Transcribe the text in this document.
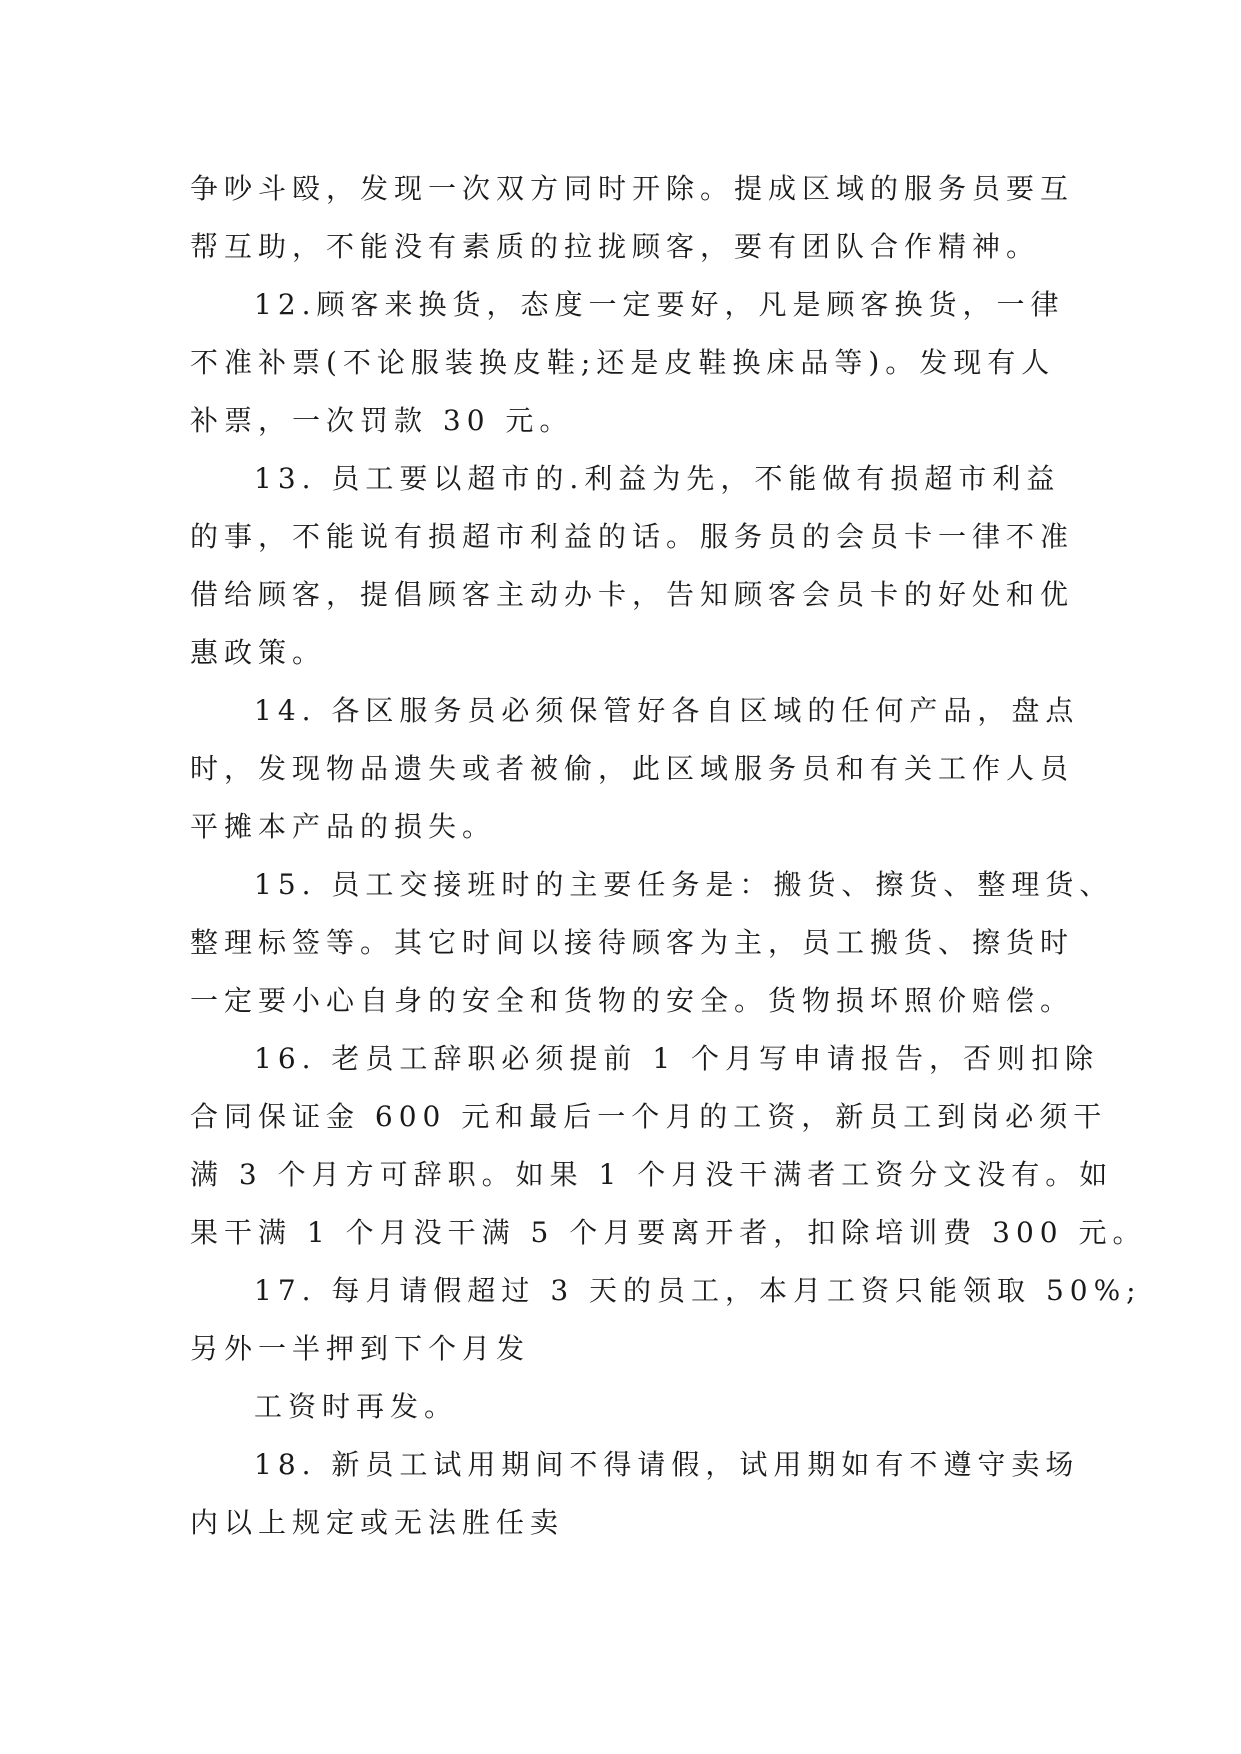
争吵斗殴，发现一次双方同时开除。提成区域的服务员要互
帮互助，不能没有素质的拉拢顾客，要有团队合作精神。
12.顾客来换货，态度一定要好，凡是顾客换货，一律
不准补票(不论服装换皮鞋;还是皮鞋换床品等)。发现有人
补票，一次罚款 30 元。
13. 员工要以超市的.利益为先，不能做有损超市利益
的事，不能说有损超市利益的话。服务员的会员卡一律不准
借给顾客，提倡顾客主动办卡，告知顾客会员卡的好处和优
惠政策。
14. 各区服务员必须保管好各自区域的任何产品，盘点
时，发现物品遗失或者被偷，此区域服务员和有关工作人员
平摊本产品的损失。
15. 员工交接班时的主要任务是：搬货、擦货、整理货、
整理标签等。其它时间以接待顾客为主，员工搬货、擦货时
一定要小心自身的安全和货物的安全。货物损坏照价赔偿。
16. 老员工辞职必须提前 1 个月写申请报告，否则扣除
合同保证金 600 元和最后一个月的工资，新员工到岗必须干
满 3 个月方可辞职。如果 1 个月没干满者工资分文没有。如
果干满 1 个月没干满 5 个月要离开者，扣除培训费 300 元。
17. 每月请假超过 3 天的员工，本月工资只能领取 50%;
另外一半押到下个月发
工资时再发。
18. 新员工试用期间不得请假，试用期如有不遵守卖场
内以上规定或无法胜任卖
